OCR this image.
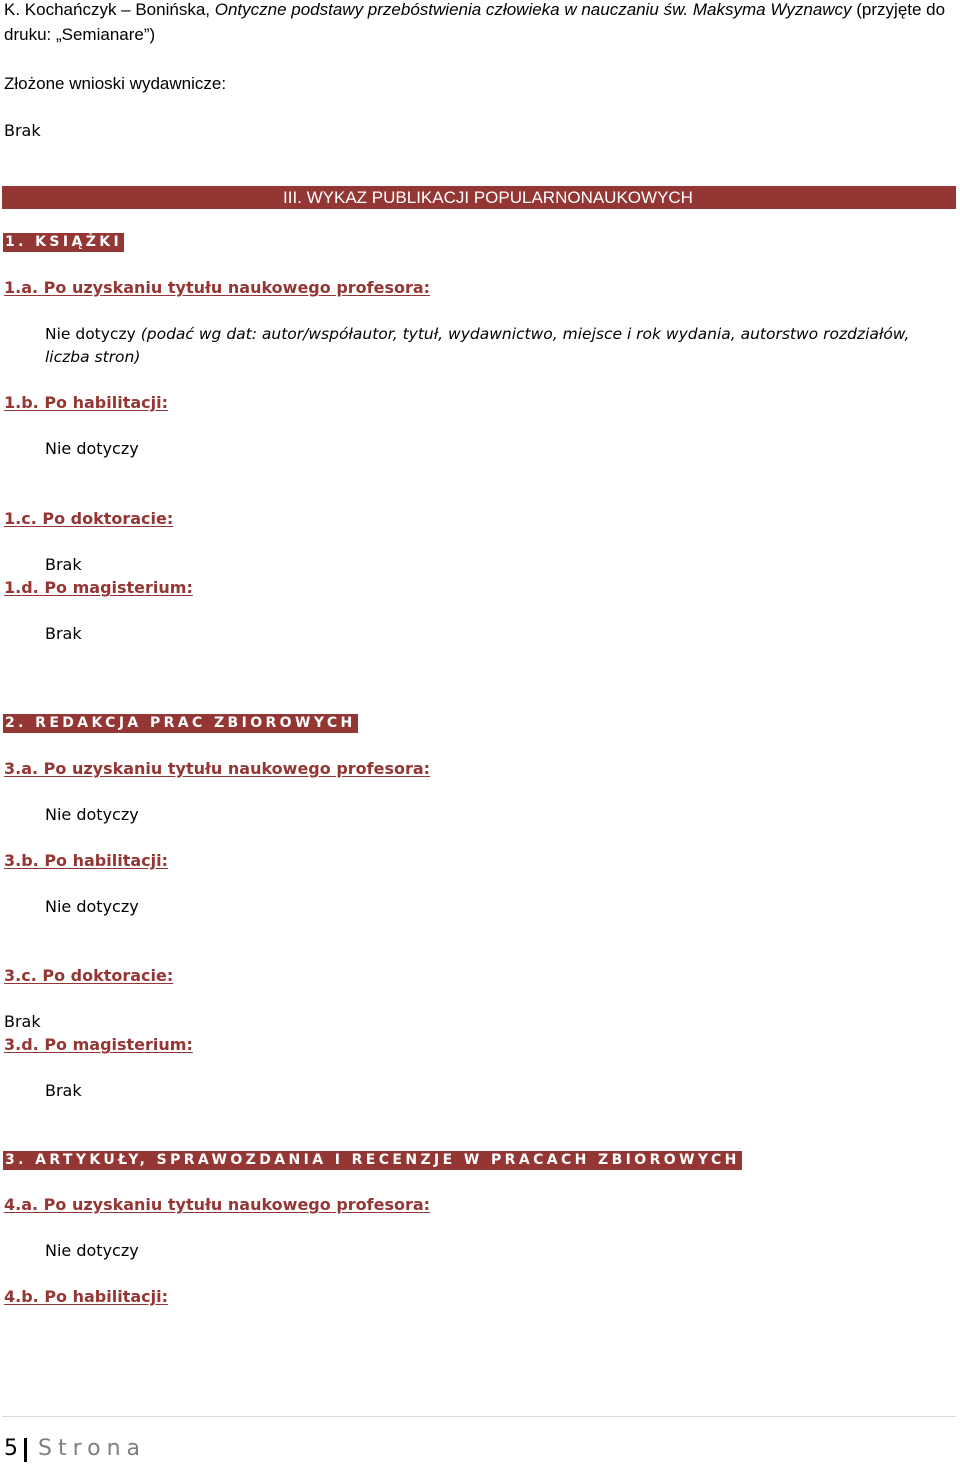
K. Kochańczyk – Bonińska, Ontyczne podstawy przebóstwienia człowieka w nauczaniu św. Maksyma Wyznawcy (przyjęte do
druku: „Semianare”)
Złożone wnioski wydawnicze:
Brak
III. WYKAZ PUBLIKACJI POPULARNONAUKOWYCH
1. KSIĄŻKI
1.a. Po uzyskaniu tytułu naukowego profesora:
Nie dotyczy (podać wg dat: autor/współautor, tytuł, wydawnictwo, miejsce i rok wydania, autorstwo rozdziałów,
liczba stron)
1.b. Po habilitacji:
Nie dotyczy
1.c. Po doktoracie:
Brak
1.d. Po magisterium:
Brak
2. REDAKCJA PRAC ZBIOROWYCH
3.a. Po uzyskaniu tytułu naukowego profesora:
Nie dotyczy
3.b. Po habilitacji:
Nie dotyczy
3.c. Po doktoracie:
Brak
3.d. Po magisterium:
Brak
3. ARTYKUŁY, SPRAWOZDANIA I RECENZJE W PRACACH ZBIOROWYCH
4.a. Po uzyskaniu tytułu naukowego profesora:
Nie dotyczy
4.b. Po habilitacji:
5 Strona
